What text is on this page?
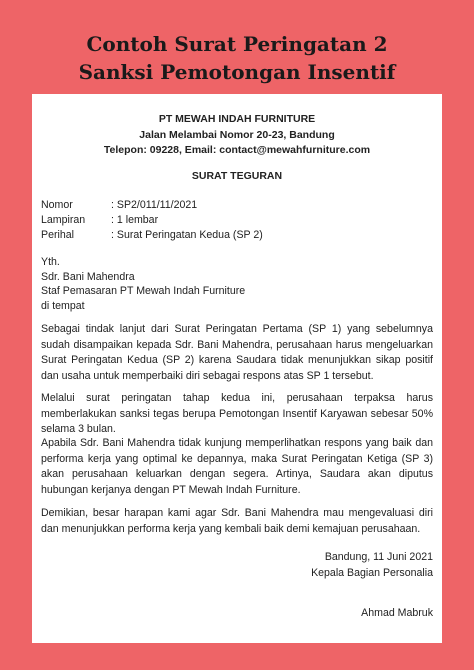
Contoh Surat Peringatan 2
Sanksi Pemotongan Insentif
PT MEWAH INDAH FURNITURE
Jalan Melambai Nomor 20-23, Bandung
Telepon: 09228, Email: contact@mewahfurniture.com
SURAT TEGURAN
Nomor	: SP2/011/11/2021
Lampiran : 1 lembar
Perihal	: Surat Peringatan Kedua (SP 2)
Yth.
Sdr. Bani Mahendra
Staf Pemasaran PT Mewah Indah Furniture
di tempat
Sebagai tindak lanjut dari Surat Peringatan Pertama (SP 1) yang sebelumnya sudah disampaikan kepada Sdr. Bani Mahendra, perusahaan harus mengeluarkan Surat Peringatan Kedua (SP 2) karena Saudara tidak menunjukkan sikap positif dan usaha untuk memperbaiki diri sebagai respons atas SP 1 tersebut.
Melalui surat peringatan tahap kedua ini, perusahaan terpaksa harus memberlakukan sanksi tegas berupa Pemotongan Insentif Karyawan sebesar 50% selama 3 bulan.
Apabila Sdr. Bani Mahendra tidak kunjung memperlihatkan respons yang baik dan performa kerja yang optimal ke depannya, maka Surat Peringatan Ketiga (SP 3) akan perusahaan keluarkan dengan segera. Artinya, Saudara akan diputus hubungan kerjanya dengan PT Mewah Indah Furniture.
Demikian, besar harapan kami agar Sdr. Bani Mahendra mau mengevaluasi diri dan menunjukkan performa kerja yang kembali baik demi kemajuan perusahaan.
Bandung, 11 Juni 2021
Kepala Bagian Personalia
Ahmad Mabruk
